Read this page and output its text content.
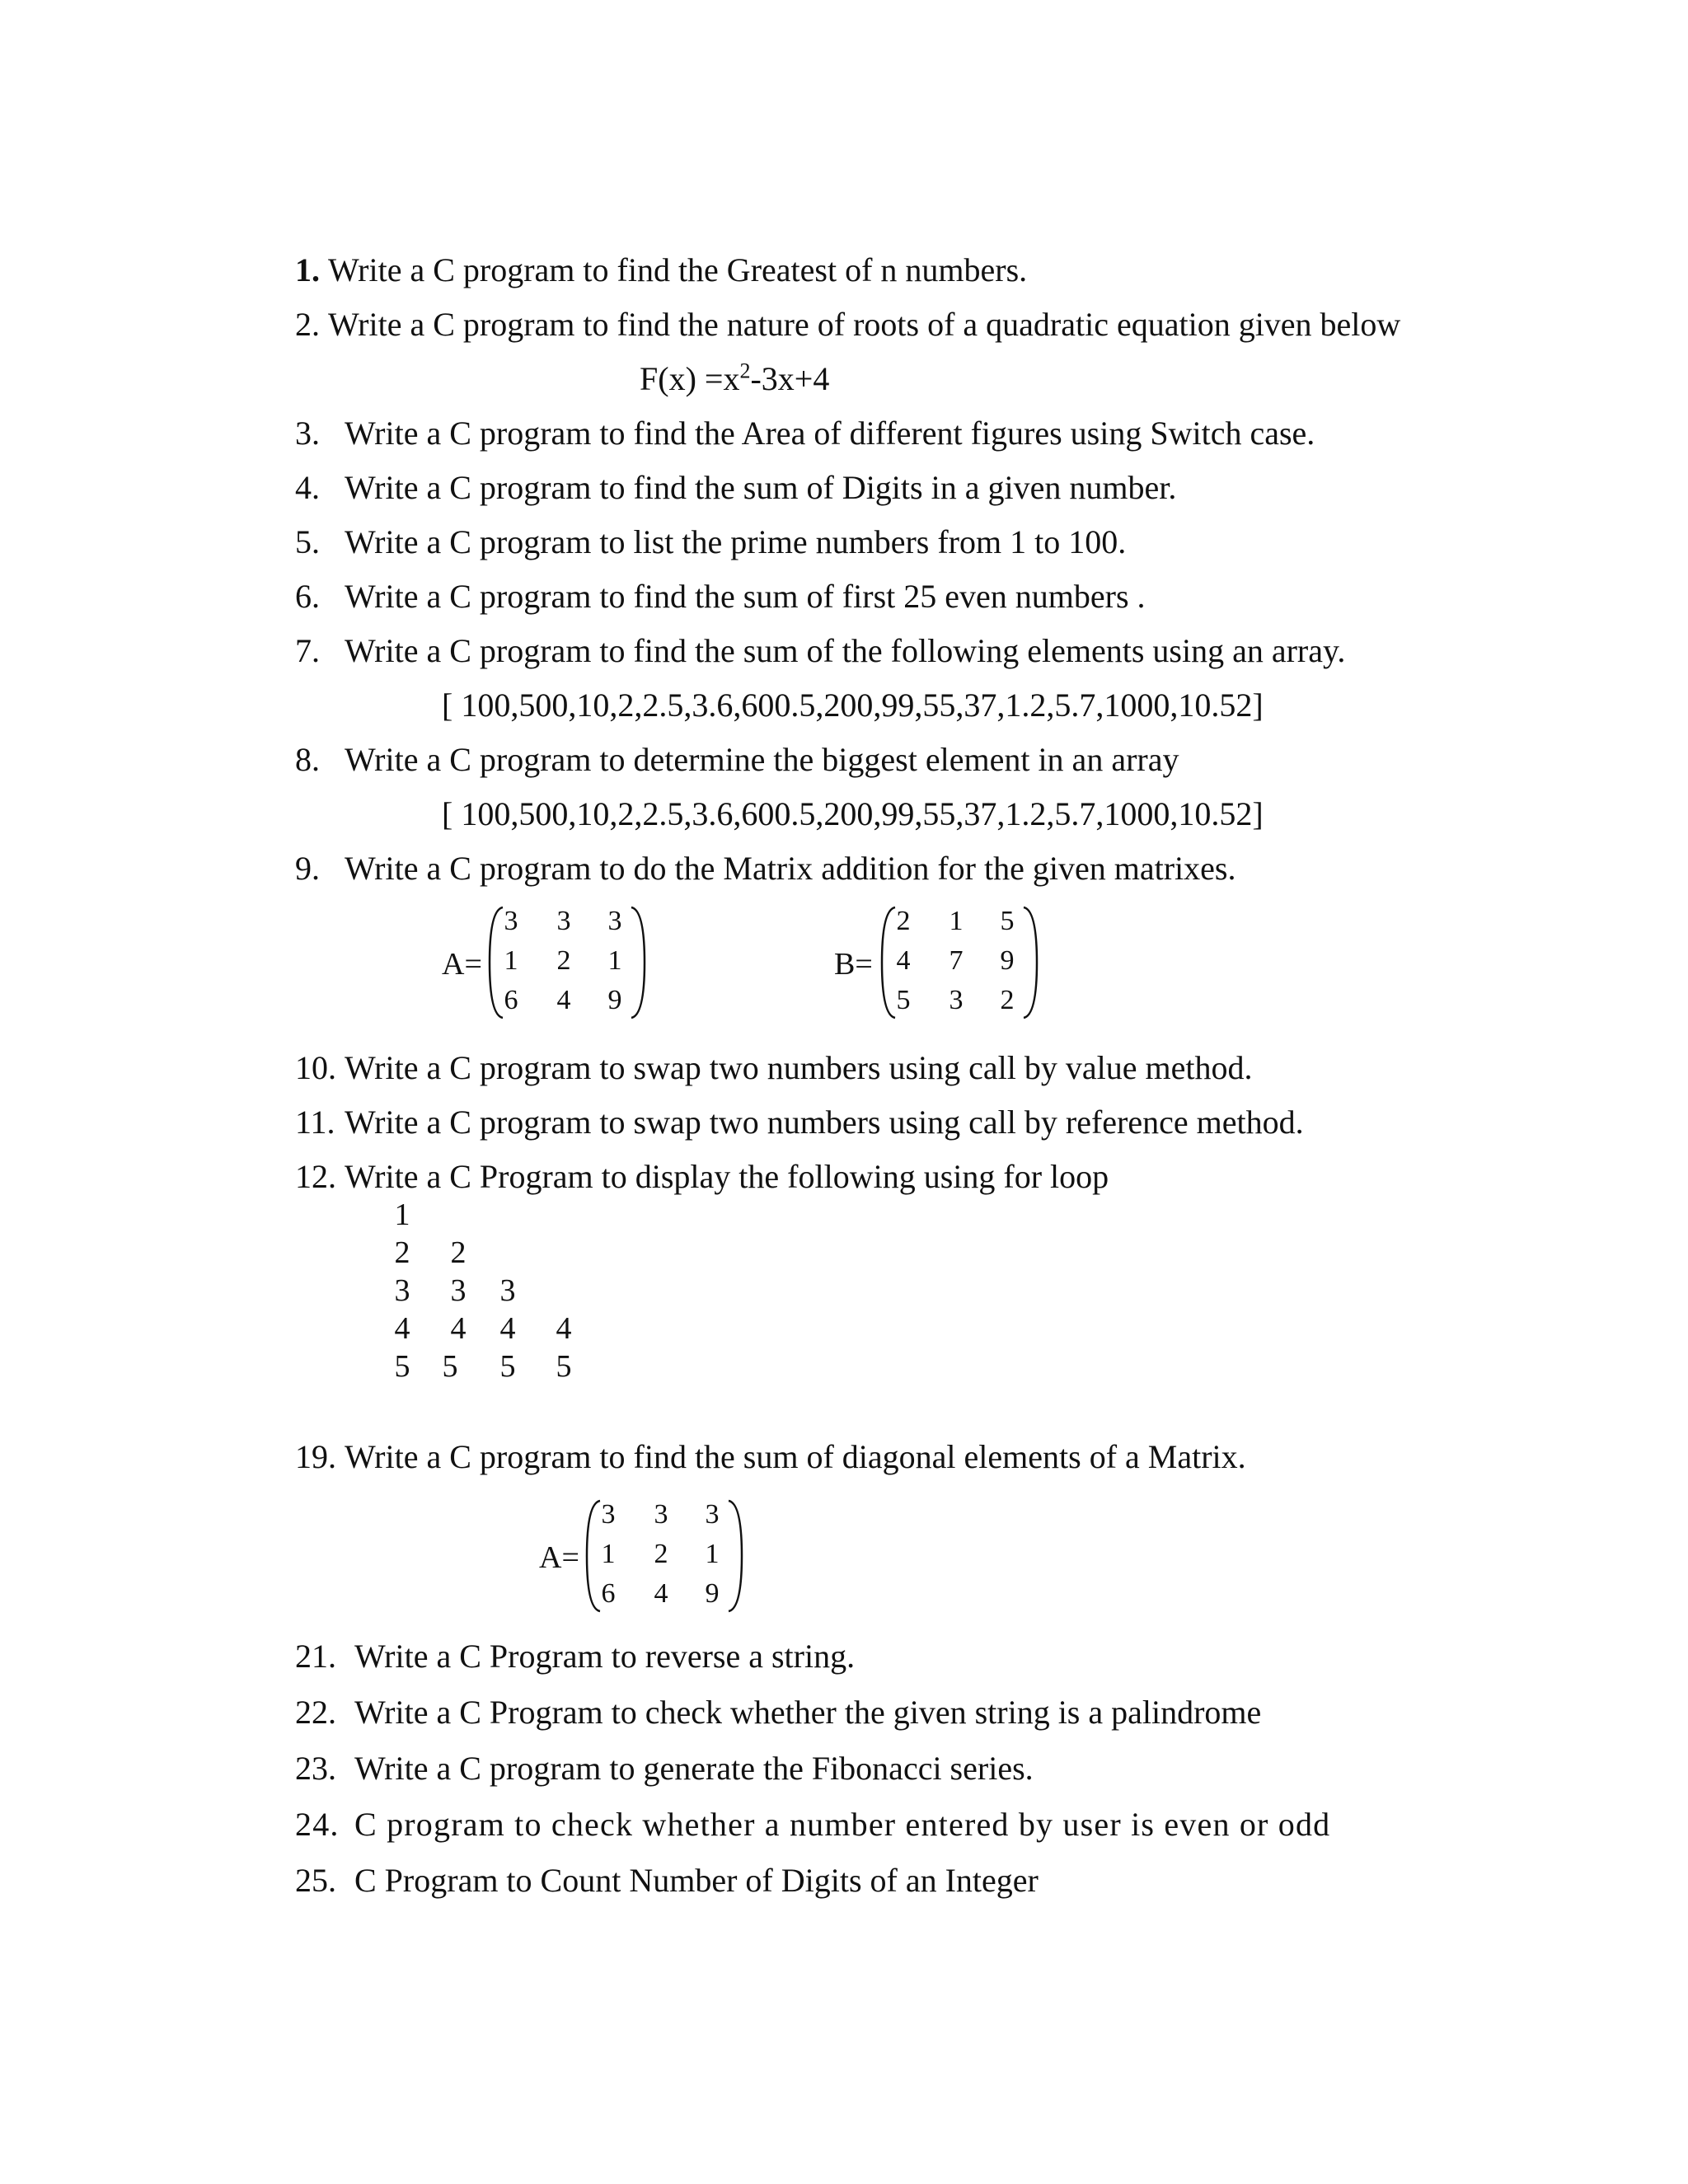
1. Write a C program to find the Greatest of n numbers.
2. Write a C program to find the nature of roots of a quadratic equation given below
$F(x) =x^2-3x+4$
3. Write a C program to find the Area of different figures using Switch case.
4. Write a C program to find the sum of Digits in a given number.
5. Write a C program to list the prime numbers from 1 to 100.
6. Write a C program to find the sum of first 25 even numbers .
7. Write a C program to find the sum of the following elements using an array.
[ 100,500,10,2,2.5,3.6,600.5,200,99,55,37,1.2,5.7,1000,10.52]
8. Write a C program to determine the biggest element in an array
[ 100,500,10,2,2.5,3.6,600.5,200,99,55,37,1.2,5.7,1000,10.52]
9. Write a C program to do the Matrix addition for the given matrixes.
A=
3	3	3
1	2	1
6	4	9
B=
2	1	5
4	7	9
5	3	2
10. Write a C program to swap two numbers using call by value method.
11. Write a C program to swap two numbers using call by reference method.
12. Write a C Program to display the following using for loop
1
2 2
3 3 3
4 4 4 4
5 5 5 5
19. Write a C program to find the sum of diagonal elements of a Matrix.
A=
3	3	3
1	2	1
6	4	9
21. Write a C Program to reverse a string.
22. Write a C Program to check whether the given string is a palindrome
23. Write a C program to generate the Fibonacci series.
24. C program to check whether a number entered by user is even or odd
25. C Program to Count Number of Digits of an Integer
